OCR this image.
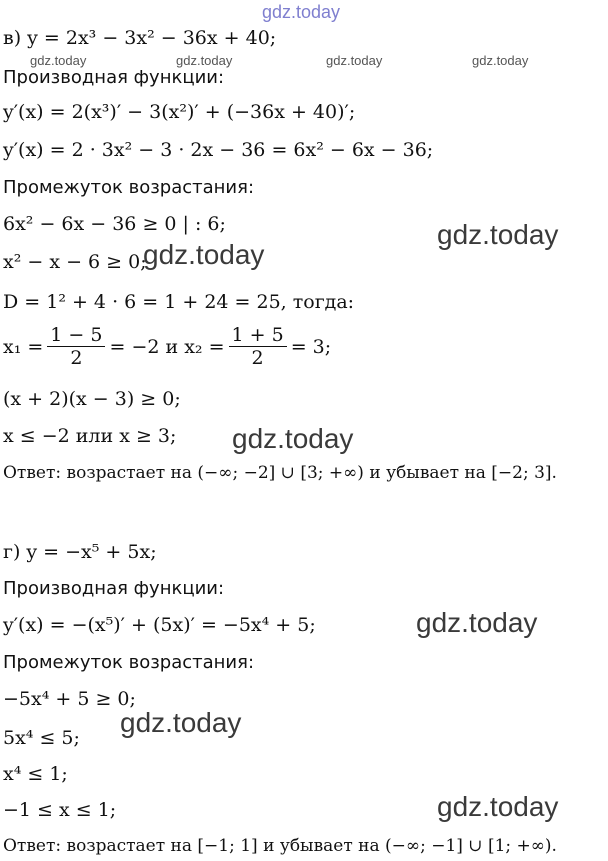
gdz.today
gdz.today	gdz.today	gdz.today	gdz.today
gdz.today
gdz.today
gdz.today
gdz.today
gdz.today
gdz.today
в) y = 2x³ − 3x² − 36x + 40;
Производная функции:
y′(x) = 2(x³)′ − 3(x²)′ + (−36x + 40)′;
y′(x) = 2 · 3x² − 3 · 2x − 36 = 6x² − 6x − 36;
Промежуток возрастания:
6x² − 6x − 36 ≥ 0 | : 6;
x² − x − 6 ≥ 0;
D = 1² + 4 · 6 = 1 + 24 = 25, тогда:
$x_1 = \frac{1 - 5}{2} = -2$ и $x_2 = \frac{1 + 5}{2} = 3$;
(x + 2)(x − 3) ≥ 0;
x ≤ −2 или x ≥ 3;
Ответ: возрастает на (−∞; −2] ∪ [3; +∞) и убывает на [−2; 3].
г) y = −x⁵ + 5x;
Производная функции:
y′(x) = −(x⁵)′ + (5x)′ = −5x⁴ + 5;
Промежуток возрастания:
−5x⁴ + 5 ≥ 0;
5x⁴ ≤ 5;
x⁴ ≤ 1;
−1 ≤ x ≤ 1;
Ответ: возрастает на [−1; 1] и убывает на (−∞; −1] ∪ [1; +∞).
